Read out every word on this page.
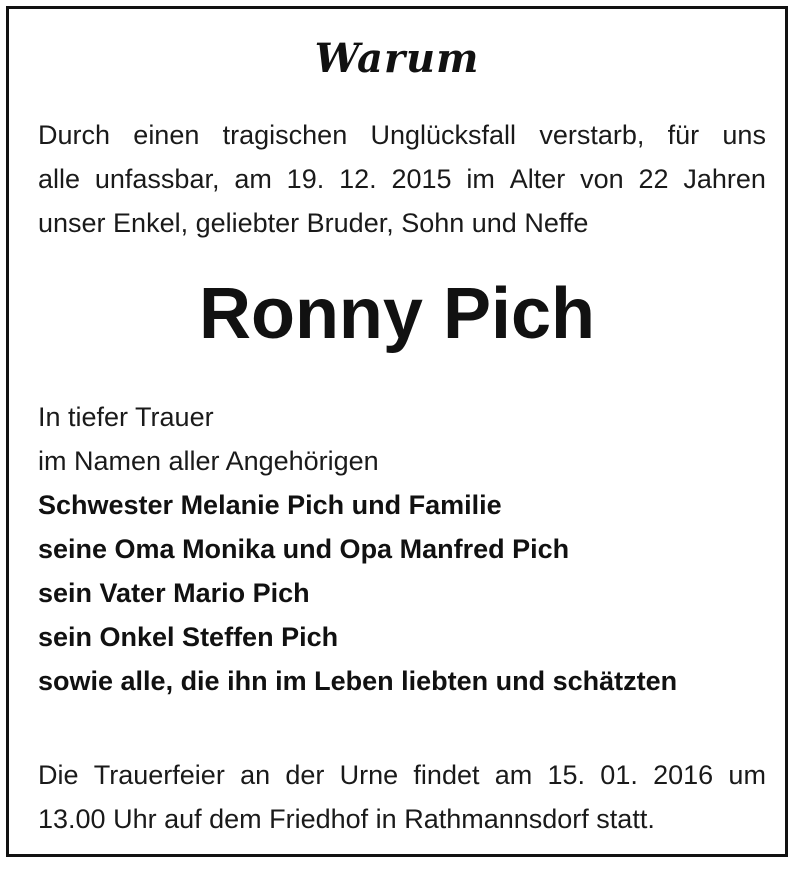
Warum
Durch einen tragischen Unglücksfall verstarb, für uns
alle unfassbar, am 19. 12. 2015 im Alter von 22 Jahren
unser Enkel, geliebter Bruder, Sohn und Neffe
Ronny Pich
In tiefer Trauer
im Namen aller Angehörigen
Schwester Melanie Pich und Familie
seine Oma Monika und Opa Manfred Pich
sein Vater Mario Pich
sein Onkel Steffen Pich
sowie alle, die ihn im Leben liebten und schätzten
Die Trauerfeier an der Urne findet am 15. 01. 2016 um
13.00 Uhr auf dem Friedhof in Rathmannsdorf statt.
